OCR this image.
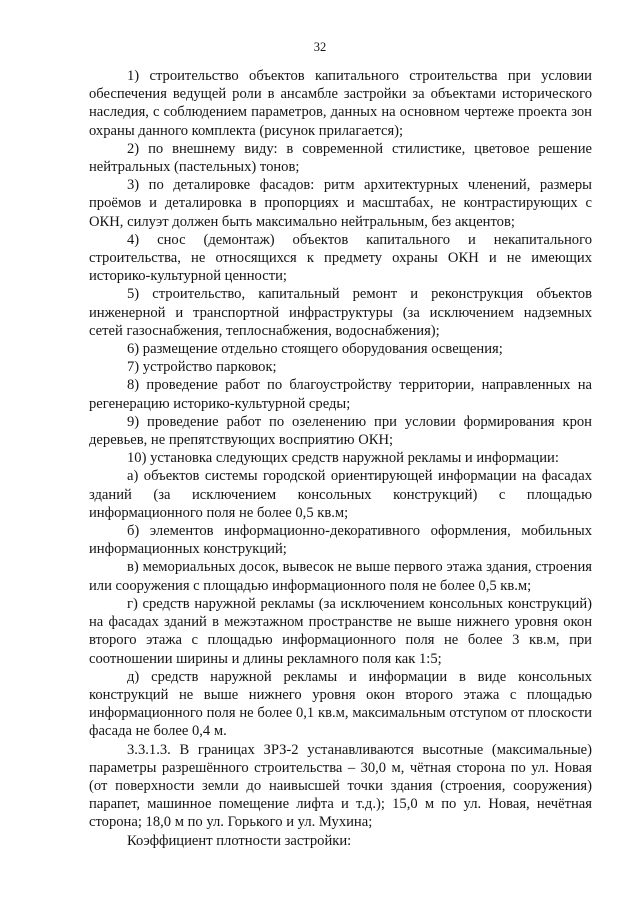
32

1) строительство объектов капитального строительства при условии обеспечения ведущей роли в ансамбле застройки за объектами исторического наследия, с соблюдением параметров, данных на основном чертеже проекта зон охраны данного комплекта (рисунок прилагается);

2) по внешнему виду: в современной стилистике, цветовое решение нейтральных (пастельных) тонов;

3) по деталировке фасадов: ритм архитектурных членений, размеры проёмов и деталировка в пропорциях и масштабах, не контрастирующих с ОКН, силуэт должен быть максимально нейтральным, без акцентов;

4) снос (демонтаж) объектов капитального и некапитального строительства, не относящихся к предмету охраны ОКН и не имеющих историко-культурной ценности;

5) строительство, капитальный ремонт и реконструкция объектов инженерной и транспортной инфраструктуры (за исключением надземных сетей газоснабжения, теплоснабжения, водоснабжения);

6) размещение отдельно стоящего оборудования освещения;

7) устройство парковок;

8) проведение работ по благоустройству территории, направленных на регенерацию историко-культурной среды;

9) проведение работ по озеленению при условии формирования крон деревьев, не препятствующих восприятию ОКН;

10) установка следующих средств наружной рекламы и информации:

а) объектов системы городской ориентирующей информации на фасадах зданий (за исключением консольных конструкций) с площадью информационного поля не более 0,5 кв.м;

б) элементов информационно-декоративного оформления, мобильных информационных конструкций;

в) мемориальных досок, вывесок не выше первого этажа здания, строения или сооружения с площадью информационного поля не более 0,5 кв.м;

г) средств наружной рекламы (за исключением консольных конструкций) на фасадах зданий в межэтажном пространстве не выше нижнего уровня окон второго этажа с площадью информационного поля не более 3 кв.м, при соотношении ширины и длины рекламного поля как 1:5;

д) средств наружной рекламы и информации в виде консольных конструкций не выше нижнего уровня окон второго этажа с площадью информационного поля не более 0,1 кв.м, максимальным отступом от плоскости фасада не более 0,4 м.

3.3.1.3. В границах ЗРЗ-2 устанавливаются высотные (максимальные) параметры разрешённого строительства – 30,0 м, чётная сторона по ул. Новая (от поверхности земли до наивысшей точки здания (строения, сооружения) парапет, машинное помещение лифта и т.д.); 15,0 м по ул. Новая, нечётная сторона; 18,0 м по ул. Горького и ул. Мухина;

Коэффициент плотности застройки:
